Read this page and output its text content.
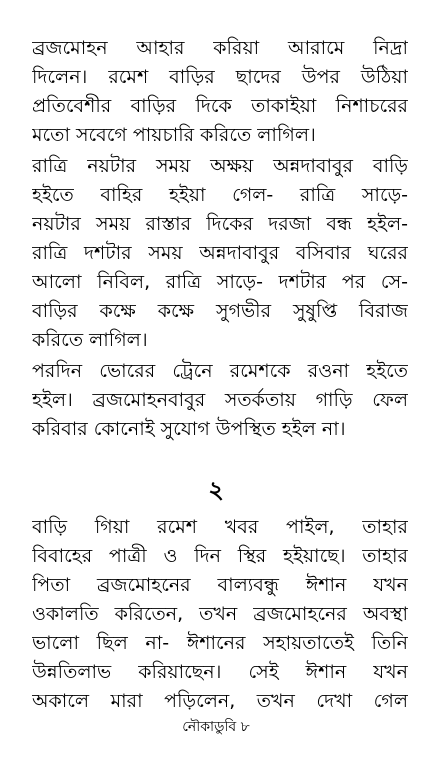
ব্রজমোহন আহার করিয়া আরামে নিদ্রা
দিলেন। রমেশ বাড়ির ছাদের উপর উঠিয়া
প্রতিবেশীর বাড়ির দিকে তাকাইয়া নিশাচরের
মতো সবেগে পায়চারি করিতে লাগিল।
রাত্রি নয়টার সময় অক্ষয় অন্নদাবাবুর বাড়ি
হইতে বাহির হইয়া গেল- রাত্রি সাড়ে-
নয়টার সময় রাস্তার দিকের দরজা বন্ধ হইল-
রাত্রি দশটার সময় অন্নদাবাবুর বসিবার ঘরের
আলো নিবিল, রাত্রি সাড়ে- দশটার পর সে-
বাড়ির কক্ষে কক্ষে সুগভীর সুষুপ্তি বিরাজ
করিতে লাগিল।
পরদিন ভোরের ট্রেনে রমেশকে রওনা হইতে
হইল। ব্রজমোহনবাবুর সতর্কতায় গাড়ি ফেল
করিবার কোনোই সুযোগ উপস্থিত হইল না।
২
বাড়ি গিয়া রমেশ খবর পাইল, তাহার
বিবাহের পাত্রী ও দিন স্থির হইয়াছে। তাহার
পিতা ব্রজমোহনের বাল্যবন্ধু ঈশান যখন
ওকালতি করিতেন, তখন ব্রজমোহনের অবস্থা
ভালো ছিল না- ঈশানের সহায়তাতেই তিনি
উন্নতিলাভ করিয়াছেন। সেই ঈশান যখন
অকালে মারা পড়িলেন, তখন দেখা গেল
নৌকাডুবি ৮
